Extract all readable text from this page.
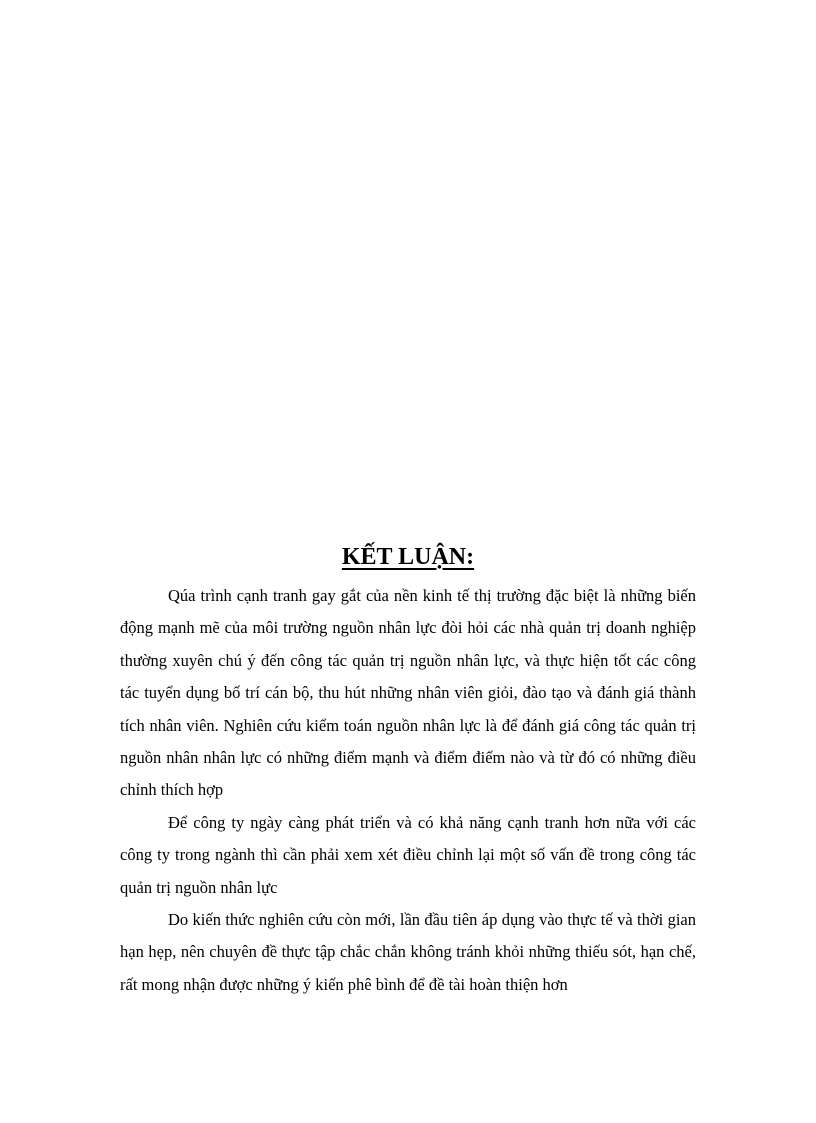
KẾT LUẬN:

Qúa trình cạnh tranh gay gắt của nền kinh tế thị trường đặc biệt là những biến động mạnh mẽ của môi trường nguồn nhân lực đòi hỏi các nhà quản trị doanh nghiệp thường xuyên chú ý đến công tác quản trị nguồn nhân lực, và thực hiện tốt các công tác tuyển dụng bố trí cán bộ, thu hút những nhân viên giỏi, đào tạo và đánh giá thành tích nhân viên. Nghiên cứu kiểm toán nguồn nhân lực là để đánh giá công tác quản trị nguồn nhân nhân lực có những điểm mạnh và điểm điểm nào và từ đó có những điều chỉnh thích hợp

Để công ty ngày càng phát triển và có khả năng cạnh tranh hơn nữa với các công ty trong ngành thì cần phải xem xét điều chỉnh lại một số vấn đề trong công tác quản trị nguồn nhân lực

Do kiến thức nghiên cứu còn mới, lần đầu tiên áp dụng vào thực tế và thời gian hạn hẹp, nên chuyên đề thực tập chắc chắn không tránh khỏi những thiếu sót, hạn chế, rất mong nhận được những ý kiến phê bình để đề tài hoàn thiện hơn
